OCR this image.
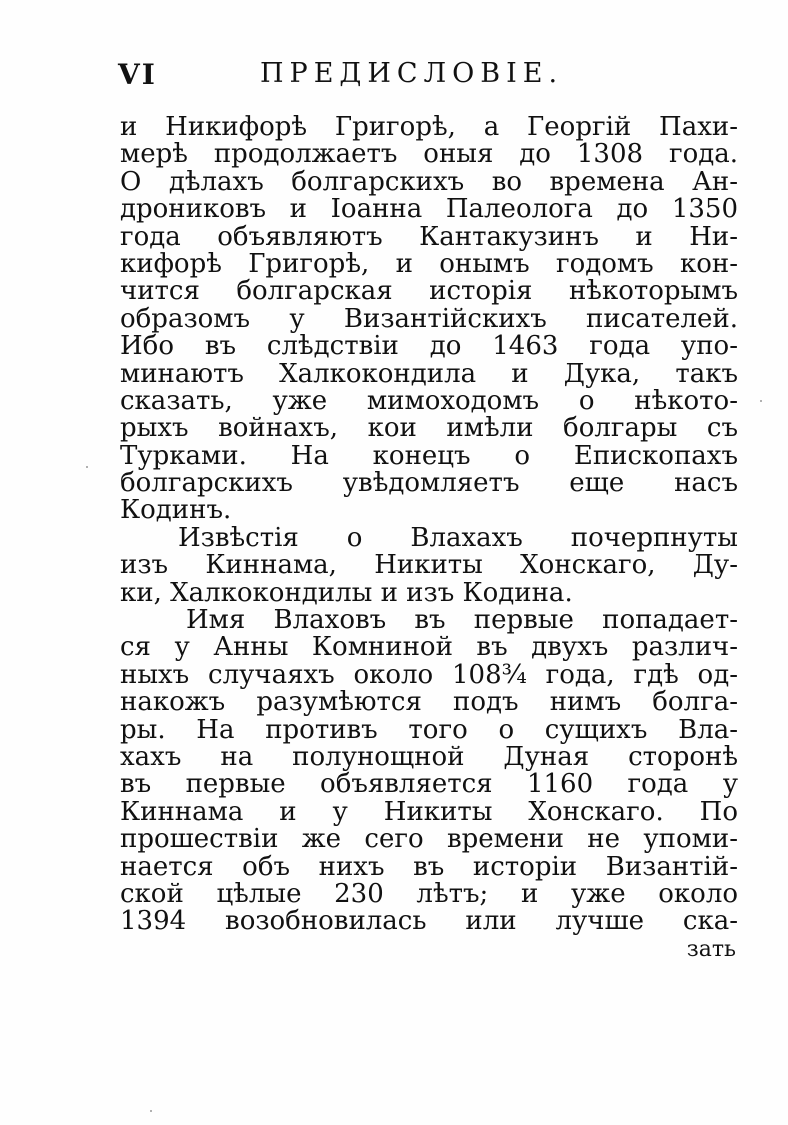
VI	ПРЕДИСЛОВIЕ.
и Никифорѣ Григорѣ, а Георгiй Пахи-
мерѣ продолжаетъ оныя до 1308 года.
О дѣлахъ болгарскихъ во времена Ан-
дрониковъ и Iоанна Палеолога до 1350
года объявляютъ Кантакузинъ и Ни-
кифорѣ Григорѣ, и онымъ годомъ кон-
чится болгарская исторiя нѣкоторымъ
образомъ у Византiйскихъ писателей.
Ибо въ слѣдствiи до 1463 года упо-
минаютъ Халкокондила и Дука, такъ
сказать, уже мимоходомъ о нѣкото-
рыхъ войнахъ, кои имѣли болгары съ
Турками. На конецъ о Епископахъ
болгарскихъ увѣдомляетъ еще насъ
Кодинъ.
Извѣстiя о Влахахъ почерпнуты
изъ Киннама, Никиты Хонскаго, Ду-
ки, Халкокондилы и изъ Кодина.
Имя Влаховъ въ первые попадает-
ся у Анны Комниной въ двухъ различ-
ныхъ случаяхъ около 108¾ года, гдѣ од-
накожъ разумѣются подъ нимъ болга-
ры. На противъ того о сущихъ Вла-
хахъ на полунощной Дуная сторонѣ
въ первые объявляется 1160 года у
Киннама и у Никиты Хонскаго. По
прошествiи же сего времени не упоми-
нается объ нихъ въ исторiи Византiй-
ской цѣлые 230 лѣтъ; и уже около
1394 возобновилась или лучше ска-
зать
